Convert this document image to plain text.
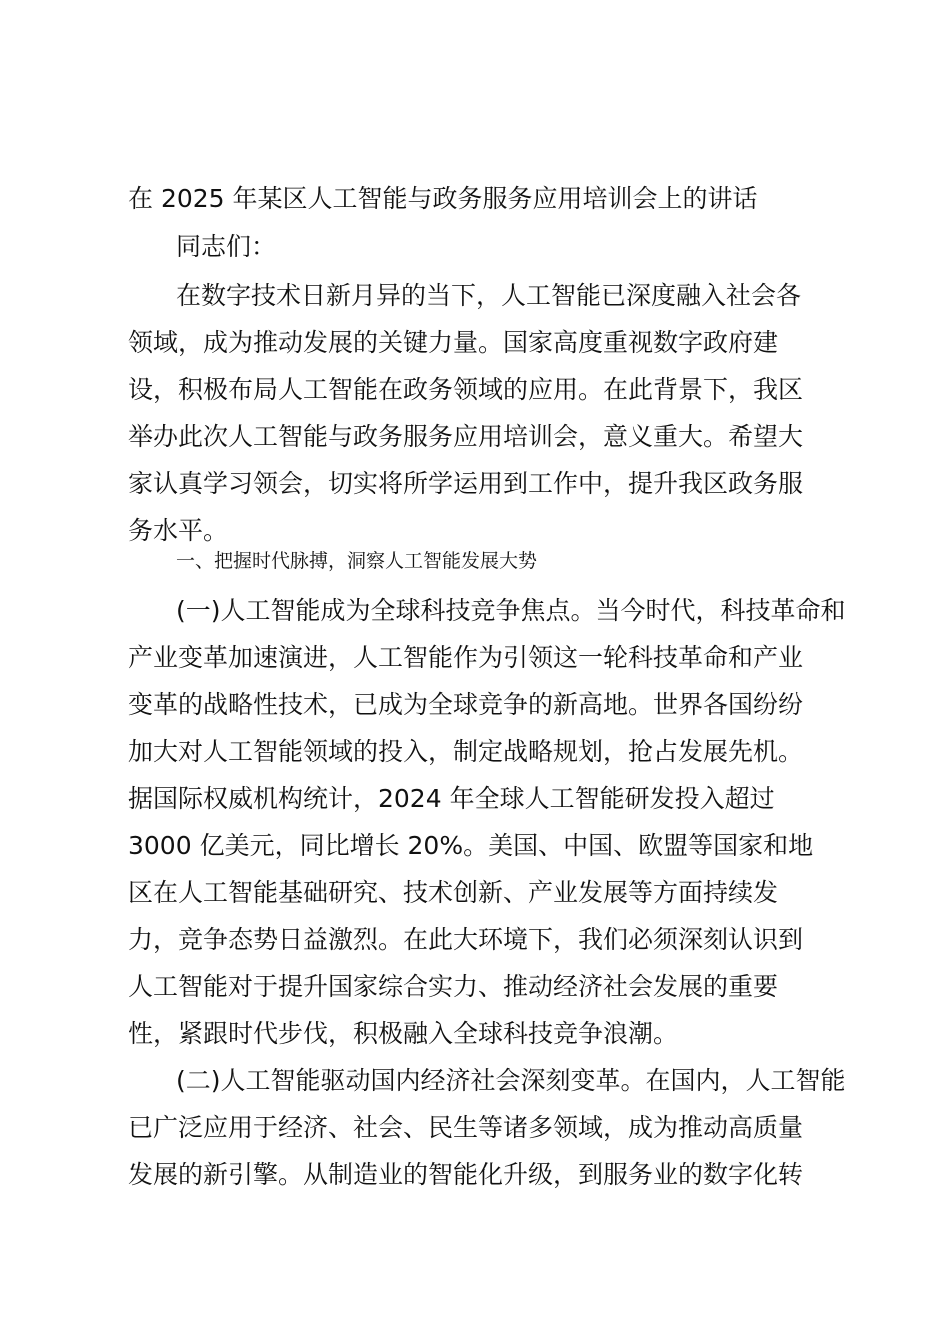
在 2025 年某区人工智能与政务服务应用培训会上的讲话

同志们：

在数字技术日新月异的当下，人工智能已深度融入社会各

领域，成为推动发展的关键力量。国家高度重视数字政府建

设，积极布局人工智能在政务领域的应用。在此背景下，我区

举办此次人工智能与政务服务应用培训会，意义重大。希望大

家认真学习领会，切实将所学运用到工作中，提升我区政务服

务水平。

一、把握时代脉搏，洞察人工智能发展大势

(一)人工智能成为全球科技竞争焦点。当今时代，科技革命和

产业变革加速演进，人工智能作为引领这一轮科技革命和产业

变革的战略性技术，已成为全球竞争的新高地。世界各国纷纷

加大对人工智能领域的投入，制定战略规划，抢占发展先机。

据国际权威机构统计，2024 年全球人工智能研发投入超过

3000 亿美元，同比增长 20%。美国、中国、欧盟等国家和地

区在人工智能基础研究、技术创新、产业发展等方面持续发

力，竞争态势日益激烈。在此大环境下，我们必须深刻认识到

人工智能对于提升国家综合实力、推动经济社会发展的重要

性，紧跟时代步伐，积极融入全球科技竞争浪潮。

(二)人工智能驱动国内经济社会深刻变革。在国内，人工智能

已广泛应用于经济、社会、民生等诸多领域，成为推动高质量

发展的新引擎。从制造业的智能化升级，到服务业的数字化转
